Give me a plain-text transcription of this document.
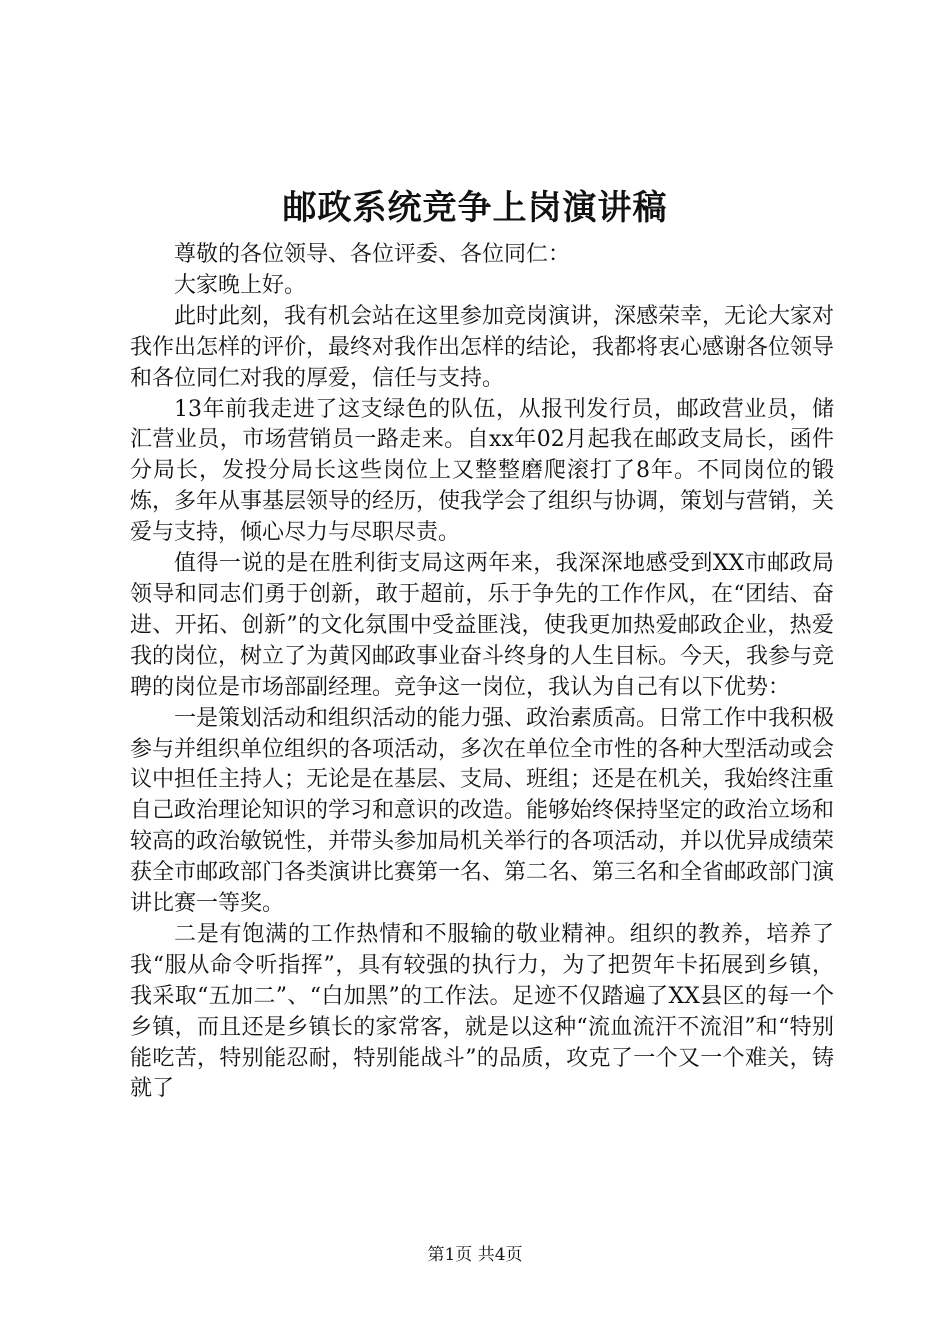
邮政系统竞争上岗演讲稿

尊敬的各位领导、各位评委、各位同仁：

大家晚上好。

此时此刻，我有机会站在这里参加竞岗演讲，深感荣幸，无论大家对我作出怎样的评价，最终对我作出怎样的结论，我都将衷心感谢各位领导和各位同仁对我的厚爱，信任与支持。

13年前我走进了这支绿色的队伍，从报刊发行员，邮政营业员，储汇营业员，市场营销员一路走来。自xx年02月起我在邮政支局长，函件分局长，发投分局长这些岗位上又整整磨爬滚打了8年。不同岗位的锻炼，多年从事基层领导的经历，使我学会了组织与协调，策划与营销，关爱与支持，倾心尽力与尽职尽责。

值得一说的是在胜利街支局这两年来，我深深地感受到XX市邮政局领导和同志们勇于创新，敢于超前，乐于争先的工作作风，在“团结、奋进、开拓、创新”的文化氛围中受益匪浅，使我更加热爱邮政企业，热爱我的岗位，树立了为黄冈邮政事业奋斗终身的人生目标。今天，我参与竞聘的岗位是市场部副经理。竞争这一岗位，我认为自己有以下优势：

一是策划活动和组织活动的能力强、政治素质高。日常工作中我积极参与并组织单位组织的各项活动，多次在单位全市性的各种大型活动或会议中担任主持人；无论是在基层、支局、班组；还是在机关，我始终注重自己政治理论知识的学习和意识的改造。能够始终保持坚定的政治立场和较高的政治敏锐性，并带头参加局机关举行的各项活动，并以优异成绩荣获全市邮政部门各类演讲比赛第一名、第二名、第三名和全省邮政部门演讲比赛一等奖。

二是有饱满的工作热情和不服输的敬业精神。组织的教养，培养了我“服从命令听指挥”，具有较强的执行力，为了把贺年卡拓展到乡镇，我采取“五加二”、“白加黑”的工作法。足迹不仅踏遍了XX县区的每一个乡镇，而且还是乡镇长的家常客，就是以这种“流血流汗不流泪”和“特别能吃苦，特别能忍耐，特别能战斗”的品质，攻克了一个又一个难关，铸就了

第1页 共4页
